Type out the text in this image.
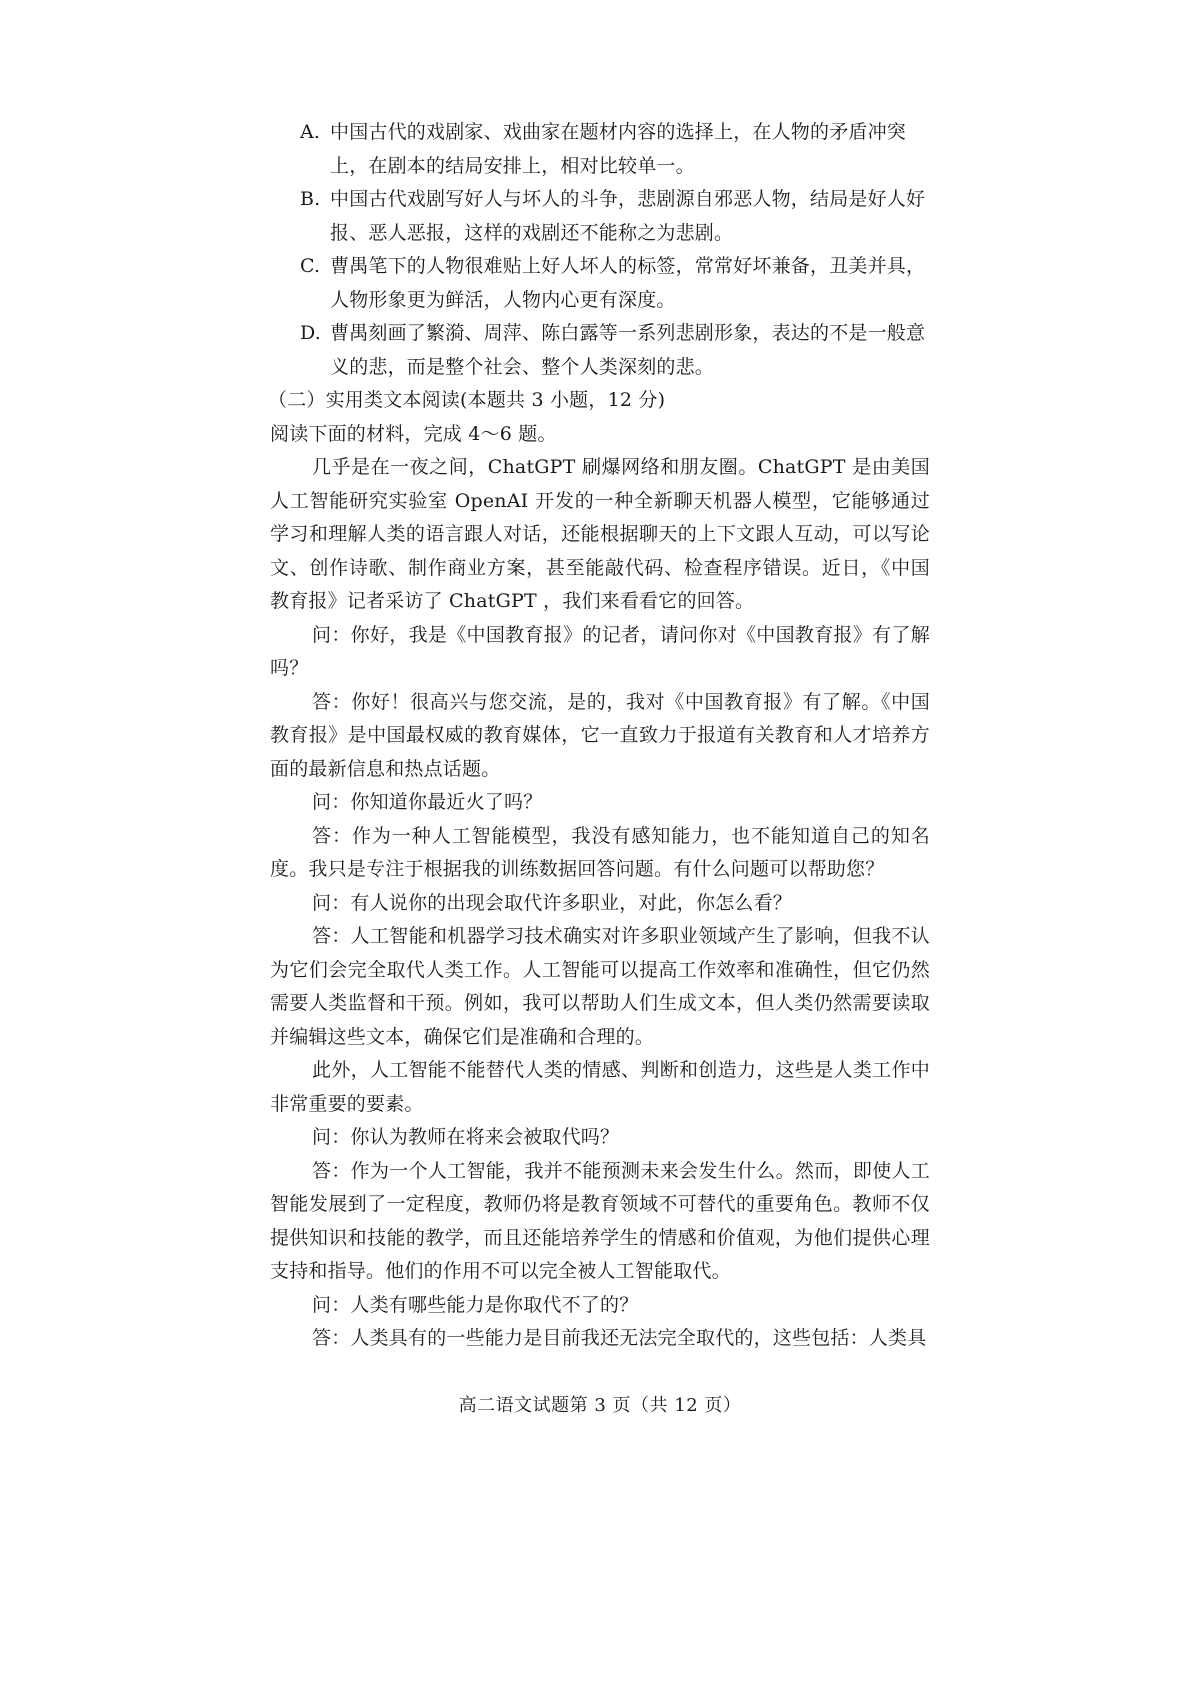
A. 中国古代的戏剧家、戏曲家在题材内容的选择上，在人物的矛盾冲突上，在剧本的结局安排上，相对比较单一。
B. 中国古代戏剧写好人与坏人的斗争，悲剧源自邪恶人物，结局是好人好报、恶人恶报，这样的戏剧还不能称之为悲剧。
C. 曹禺笔下的人物很难贴上好人坏人的标签，常常好坏兼备，丑美并具，人物形象更为鲜活，人物内心更有深度。
D. 曹禺刻画了繁漪、周萍、陈白露等一系列悲剧形象，表达的不是一般意义的悲，而是整个社会、整个人类深刻的悲。
（二）实用类文本阅读(本题共 3 小题，12 分)
阅读下面的材料，完成 4～6 题。
几乎是在一夜之间，ChatGPT 刷爆网络和朋友圈。ChatGPT 是由美国人工智能研究实验室 OpenAI 开发的一种全新聊天机器人模型，它能够通过学习和理解人类的语言跟人对话，还能根据聊天的上下文跟人互动，可以写论文、创作诗歌、制作商业方案，甚至能敲代码、检查程序错误。近日，《中国教育报》记者采访了 ChatGPT ，我们来看看它的回答。
问：你好，我是《中国教育报》的记者，请问你对《中国教育报》有了解吗？
答：你好！很高兴与您交流，是的，我对《中国教育报》有了解。《中国教育报》是中国最权威的教育媒体，它一直致力于报道有关教育和人才培养方面的最新信息和热点话题。
问：你知道你最近火了吗？
答：作为一种人工智能模型，我没有感知能力，也不能知道自己的知名度。我只是专注于根据我的训练数据回答问题。有什么问题可以帮助您？
问：有人说你的出现会取代许多职业，对此，你怎么看？
答：人工智能和机器学习技术确实对许多职业领域产生了影响，但我不认为它们会完全取代人类工作。人工智能可以提高工作效率和准确性，但它仍然需要人类监督和干预。例如，我可以帮助人们生成文本，但人类仍然需要读取并编辑这些文本，确保它们是准确和合理的。
此外，人工智能不能替代人类的情感、判断和创造力，这些是人类工作中非常重要的要素。
问：你认为教师在将来会被取代吗？
答：作为一个人工智能，我并不能预测未来会发生什么。然而，即使人工智能发展到了一定程度，教师仍将是教育领域不可替代的重要角色。教师不仅提供知识和技能的教学，而且还能培养学生的情感和价值观，为他们提供心理支持和指导。他们的作用不可以完全被人工智能取代。
问：人类有哪些能力是你取代不了的？
答：人类具有的一些能力是目前我还无法完全取代的，这些包括：人类具
高二语文试题第 3 页（共 12 页）
